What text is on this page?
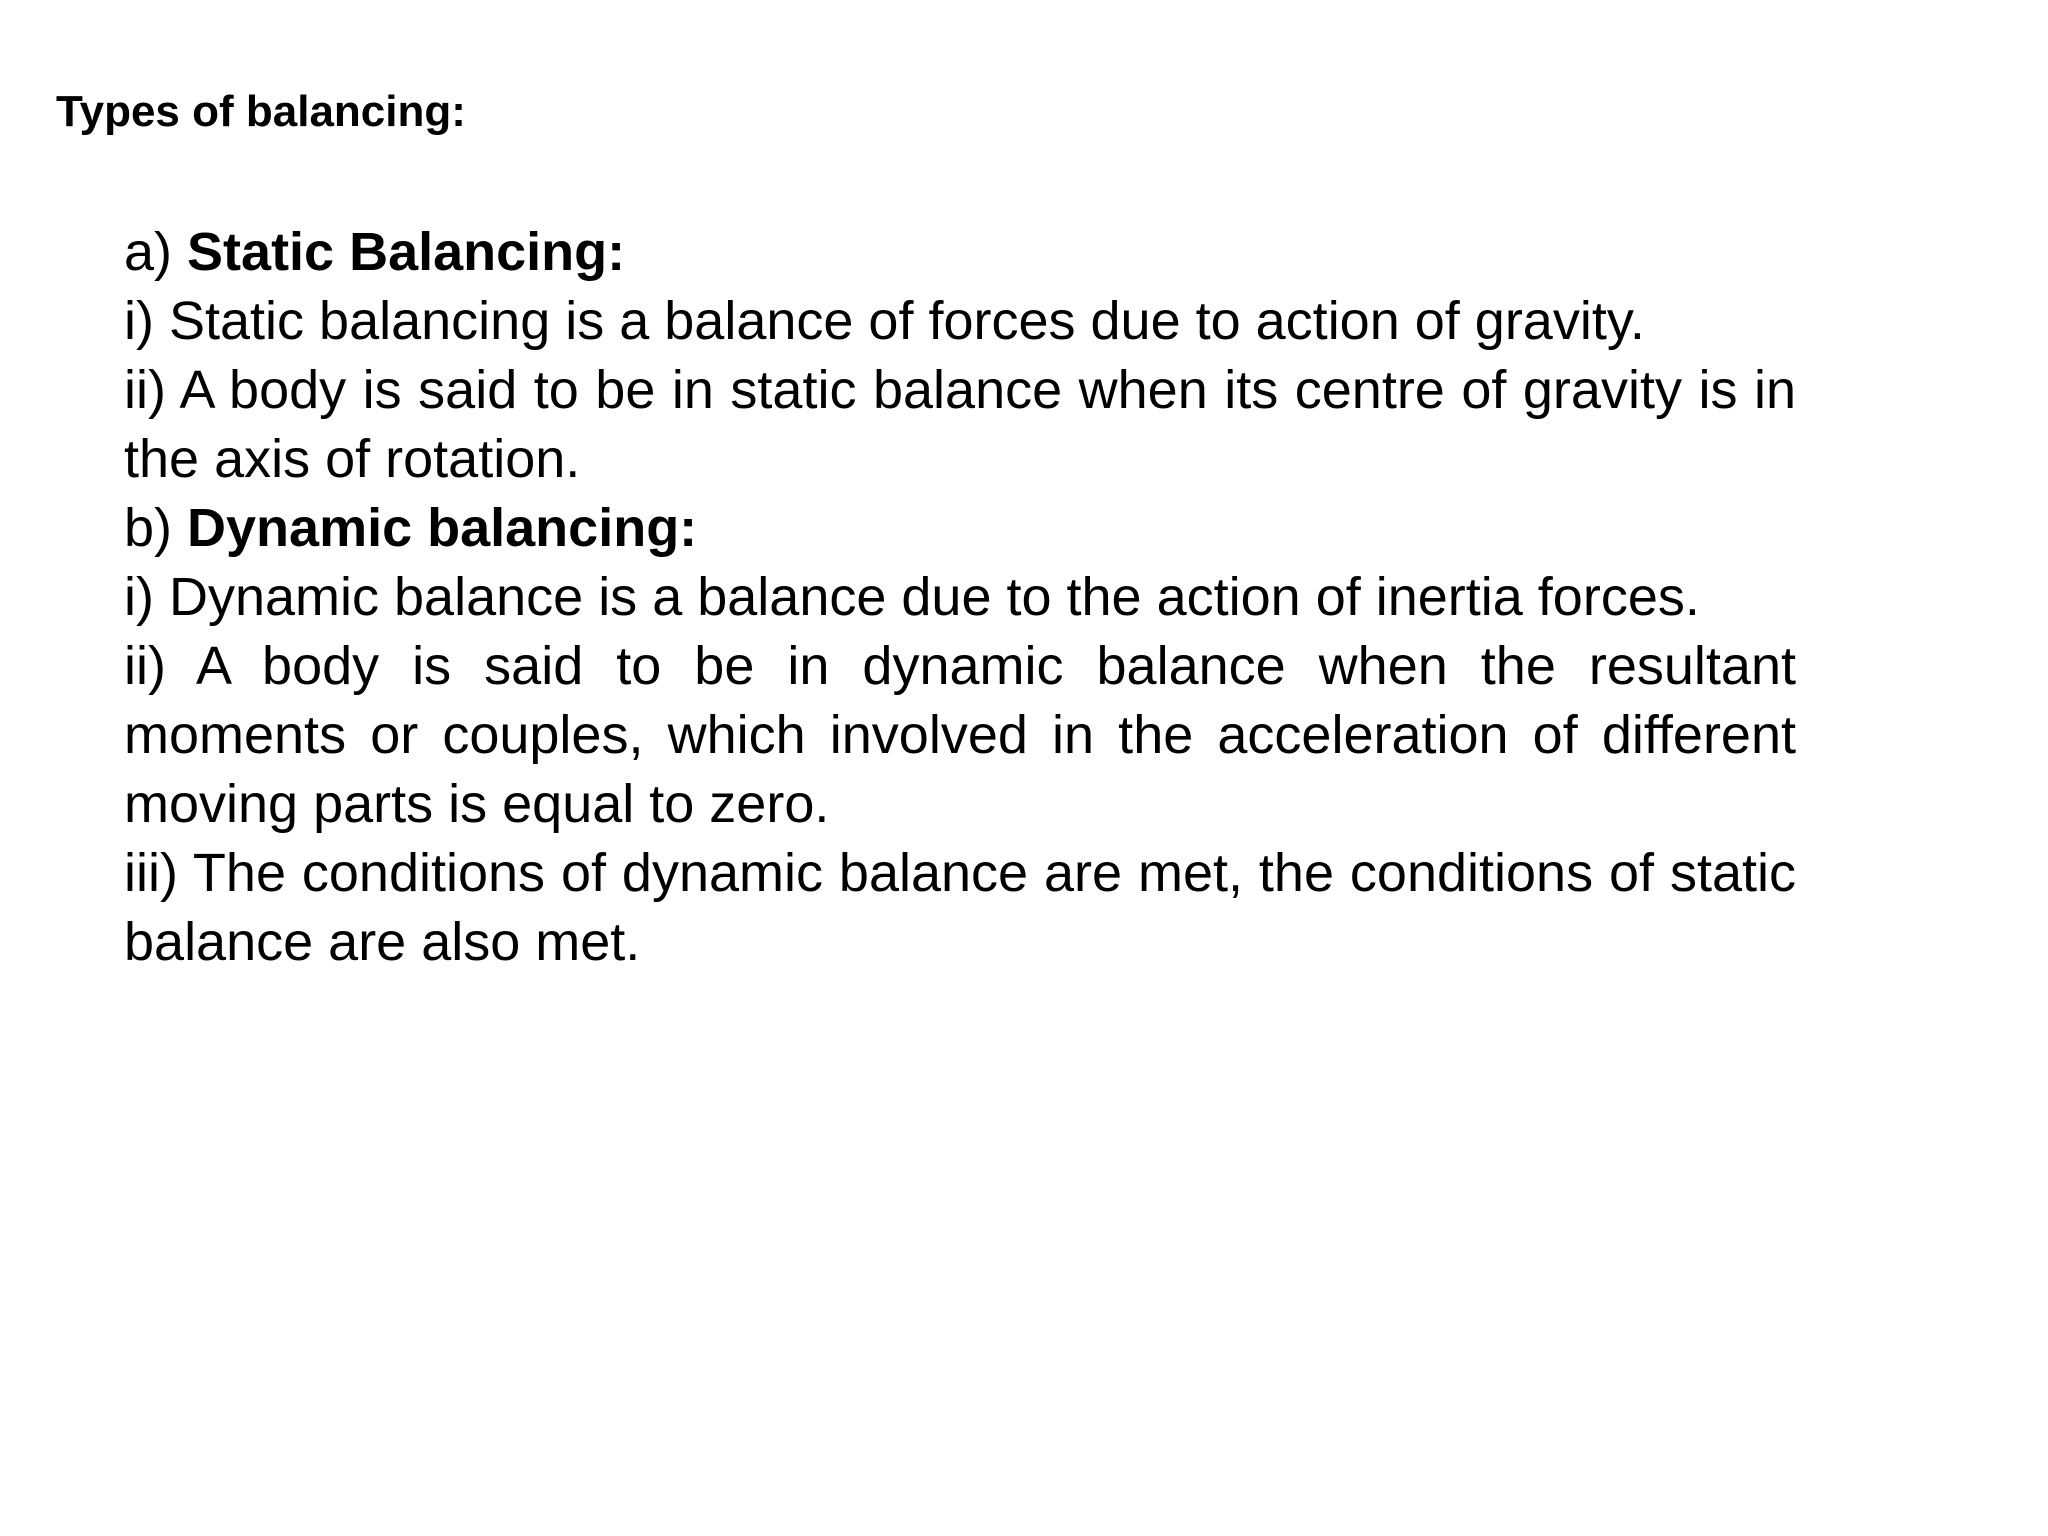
Types of balancing:

a) Static Balancing:

i) Static balancing is a balance of forces due to action of gravity.

ii) A body is said to be in static balance when its centre of gravity is in the axis of rotation.

b) Dynamic balancing:

i) Dynamic balance is a balance due to the action of inertia forces.

ii) A body is said to be in dynamic balance when the resultant moments or couples, which involved in the acceleration of different moving parts is equal to zero.

iii) The conditions of dynamic balance are met, the conditions of static balance are also met.
